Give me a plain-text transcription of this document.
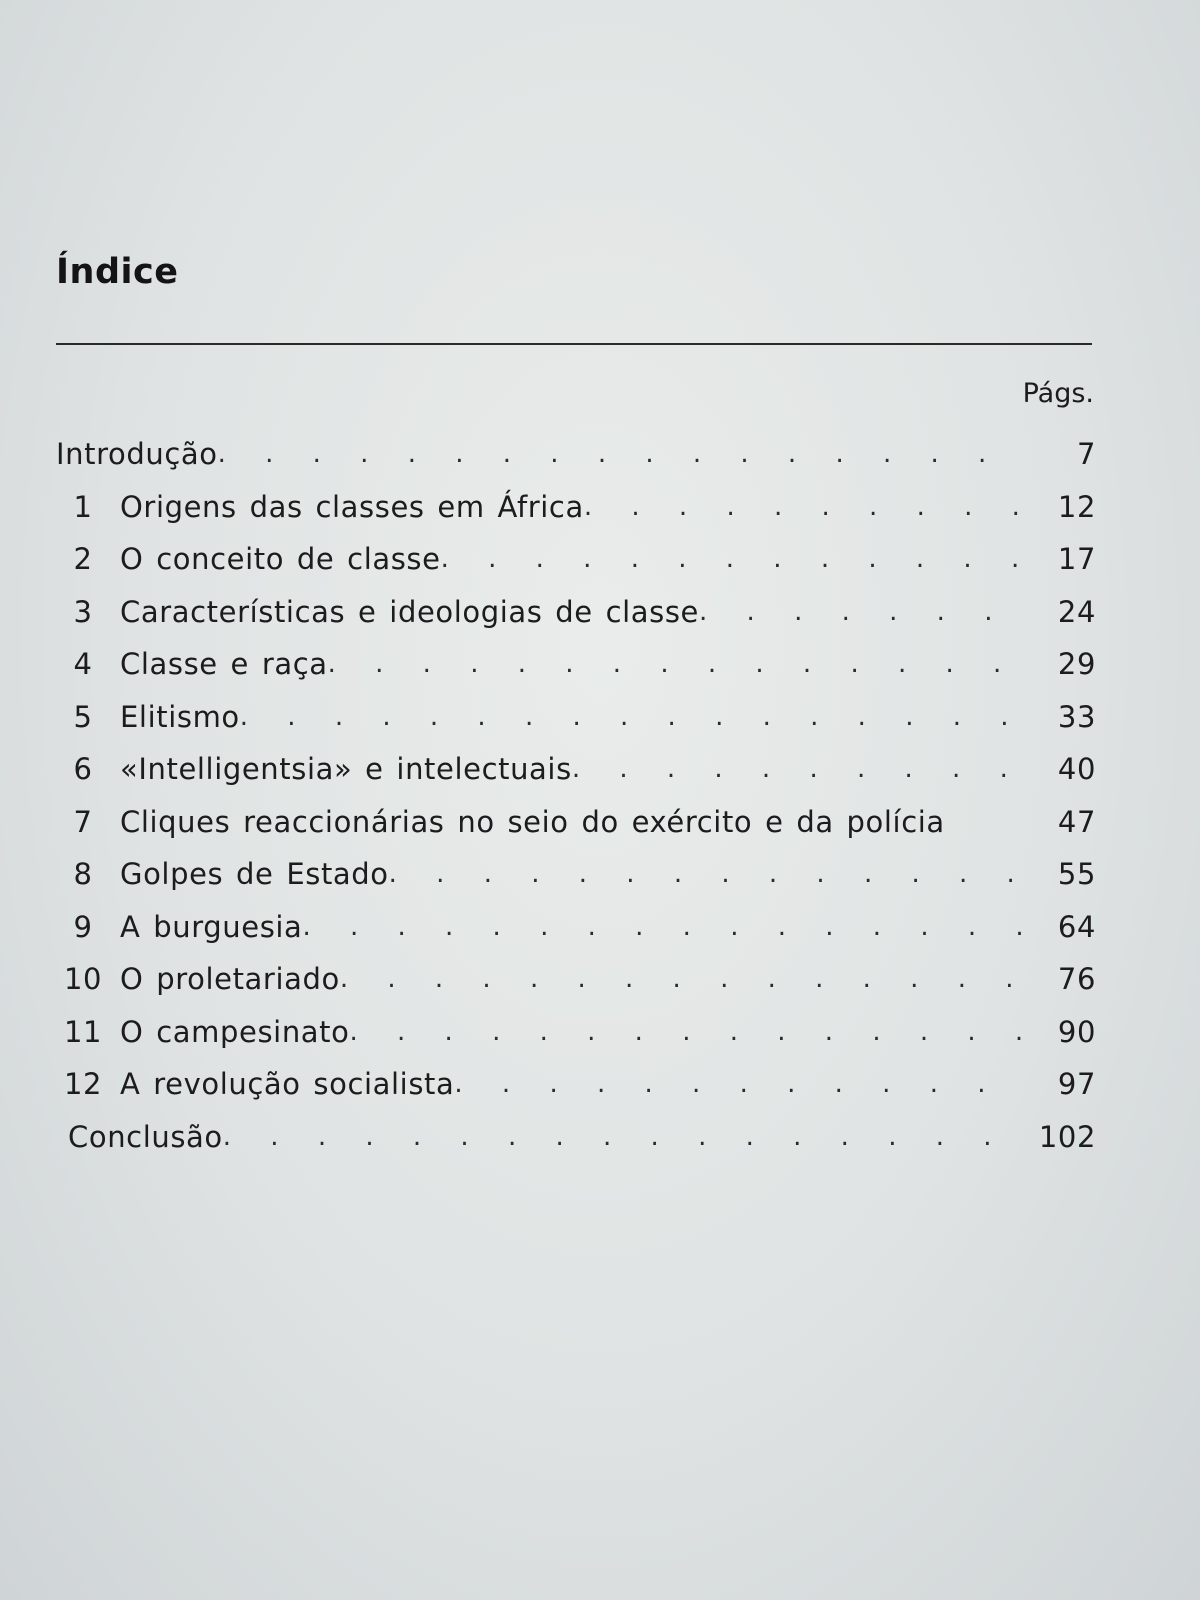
Índice
Págs.
Introdução . . .	7
1 Origens das classes em África . . .	12
2 O conceito de classe . . .	17
3 Características e ideologias de classe . . .	24
4 Classe e raça . . .	29
5 Elitismo . . .	33
6 «Intelligentsia» e intelectuais . . .	40
7 Cliques reaccionárias no seio do exército e da polícia	47
8 Golpes de Estado . . .	55
9 A burguesia . . .	64
10 O proletariado . . .	76
11 O campesinato . . .	90
12 A revolução socialista . . .	97
Conclusão . . .	102
